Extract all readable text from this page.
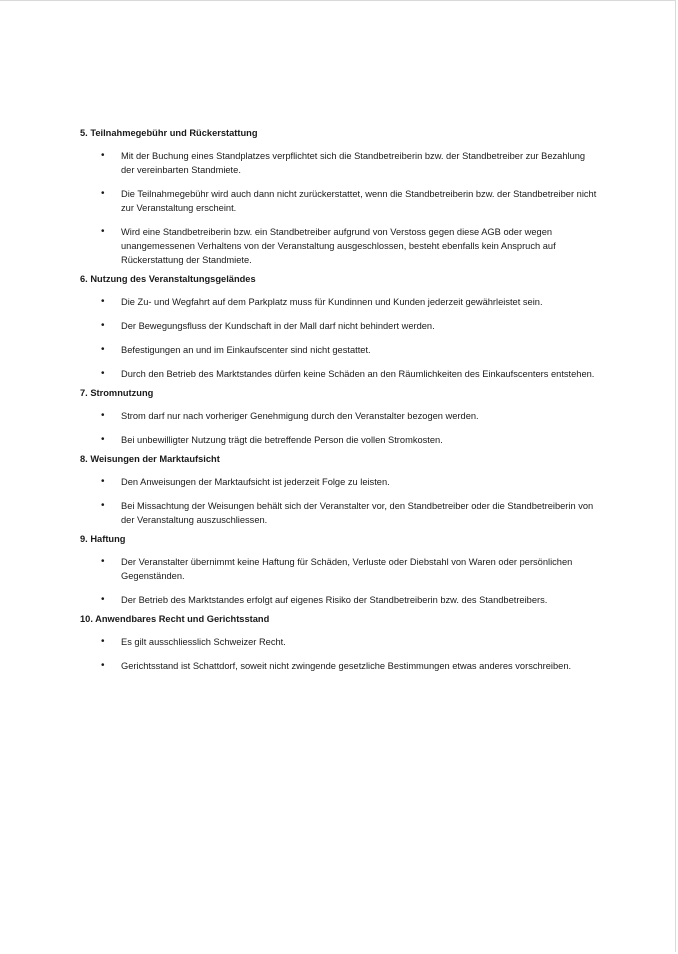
5. Teilnahmegebühr und Rückerstattung
• Mit der Buchung eines Standplatzes verpflichtet sich die Standbetreiberin bzw. der Standbetreiber zur Bezahlung der vereinbarten Standmiete.
• Die Teilnahmegebühr wird auch dann nicht zurückerstattet, wenn die Standbetreiberin bzw. der Standbetreiber nicht zur Veranstaltung erscheint.
• Wird eine Standbetreiberin bzw. ein Standbetreiber aufgrund von Verstoss gegen diese AGB oder wegen unangemessenen Verhaltens von der Veranstaltung ausgeschlossen, besteht ebenfalls kein Anspruch auf Rückerstattung der Standmiete.
6. Nutzung des Veranstaltungsgeländes
• Die Zu- und Wegfahrt auf dem Parkplatz muss für Kundinnen und Kunden jederzeit gewährleistet sein.
• Der Bewegungsfluss der Kundschaft in der Mall darf nicht behindert werden.
• Befestigungen an und im Einkaufscenter sind nicht gestattet.
• Durch den Betrieb des Marktstandes dürfen keine Schäden an den Räumlichkeiten des Einkaufscenters entstehen.
7. Stromnutzung
• Strom darf nur nach vorheriger Genehmigung durch den Veranstalter bezogen werden.
• Bei unbewilligter Nutzung trägt die betreffende Person die vollen Stromkosten.
8. Weisungen der Marktaufsicht
• Den Anweisungen der Marktaufsicht ist jederzeit Folge zu leisten.
• Bei Missachtung der Weisungen behält sich der Veranstalter vor, den Standbetreiber oder die Standbetreiberin von der Veranstaltung auszuschliessen.
9. Haftung
• Der Veranstalter übernimmt keine Haftung für Schäden, Verluste oder Diebstahl von Waren oder persönlichen Gegenständen.
• Der Betrieb des Marktstandes erfolgt auf eigenes Risiko der Standbetreiberin bzw. des Standbetreibers.
10. Anwendbares Recht und Gerichtsstand
• Es gilt ausschliesslich Schweizer Recht.
• Gerichtsstand ist Schattdorf, soweit nicht zwingende gesetzliche Bestimmungen etwas anderes vorschreiben.
